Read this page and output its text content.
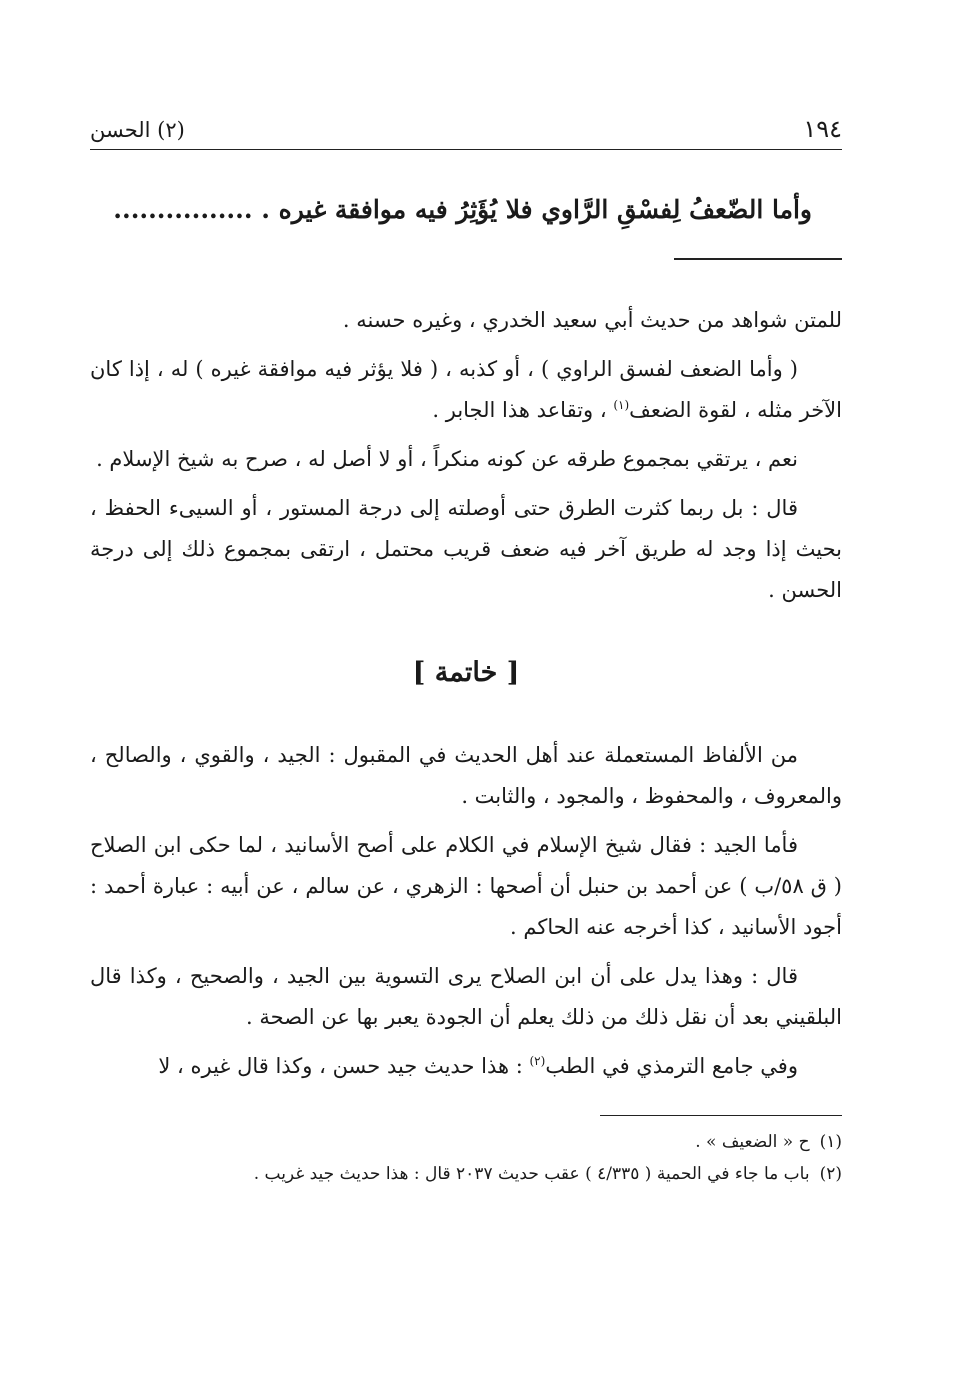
١٩٤
(٢) الحسن
وأما الضّعفُ لِفسْقِ الرَّاوي فلا يُؤَثِرُ فيه موافقة غيره . ................

للمتن شواهد من حديث أبي سعيد الخدري ، وغيره حسنه .

( وأما الضعف لفسق الراوي ) ، أو كذبه ، ( فلا يؤثر فيه موافقة غيره ) له ، إذا كان الآخر مثله ، لقوة الضعف$^{(١)}$ ، وتقاعد هذا الجابر .

نعم ، يرتقي بمجموع طرقه عن كونه منكراً ، أو لا أصل له ، صرح به شيخ الإسلام .

قال : بل ربما كثرت الطرق حتى أوصلته إلى درجة المستور ، أو السيىء الحفظ ، بحيث إذا وجد له طريق آخر فيه ضعف قريب محتمل ، ارتقى بمجموع ذلك إلى درجة الحسن .

[ خاتمة ]

من الألفاظ المستعملة عند أهل الحديث في المقبول : الجيد ، والقوي ، والصالح ، والمعروف ، والمحفوظ ، والمجود ، والثابت .

فأما الجيد : فقال شيخ الإسلام في الكلام على أصح الأسانيد ، لما حكى ابن الصلاح ( ق ٥٨/ب ) عن أحمد بن حنبل أن أصحها : الزهري ، عن سالم ، عن أبيه : عبارة أحمد : أجود الأسانيد ، كذا أخرجه عنه الحاكم .

قال : وهذا يدل على أن ابن الصلاح يرى التسوية بين الجيد ، والصحيح ، وكذا قال البلقيني بعد أن نقل ذلك من ذلك يعلم أن الجودة يعبر بها عن الصحة .

وفي جامع الترمذي في الطب$^{(٢)}$ : هذا حديث جيد حسن ، وكذا قال غيره ، لا

(١)ح « الضعيف » .

(٢)باب ما جاء في الحمية ( ٤/٣٣٥ ) عقب حديث ٢٠٣٧ قال : هذا حديث جيد غريب .
